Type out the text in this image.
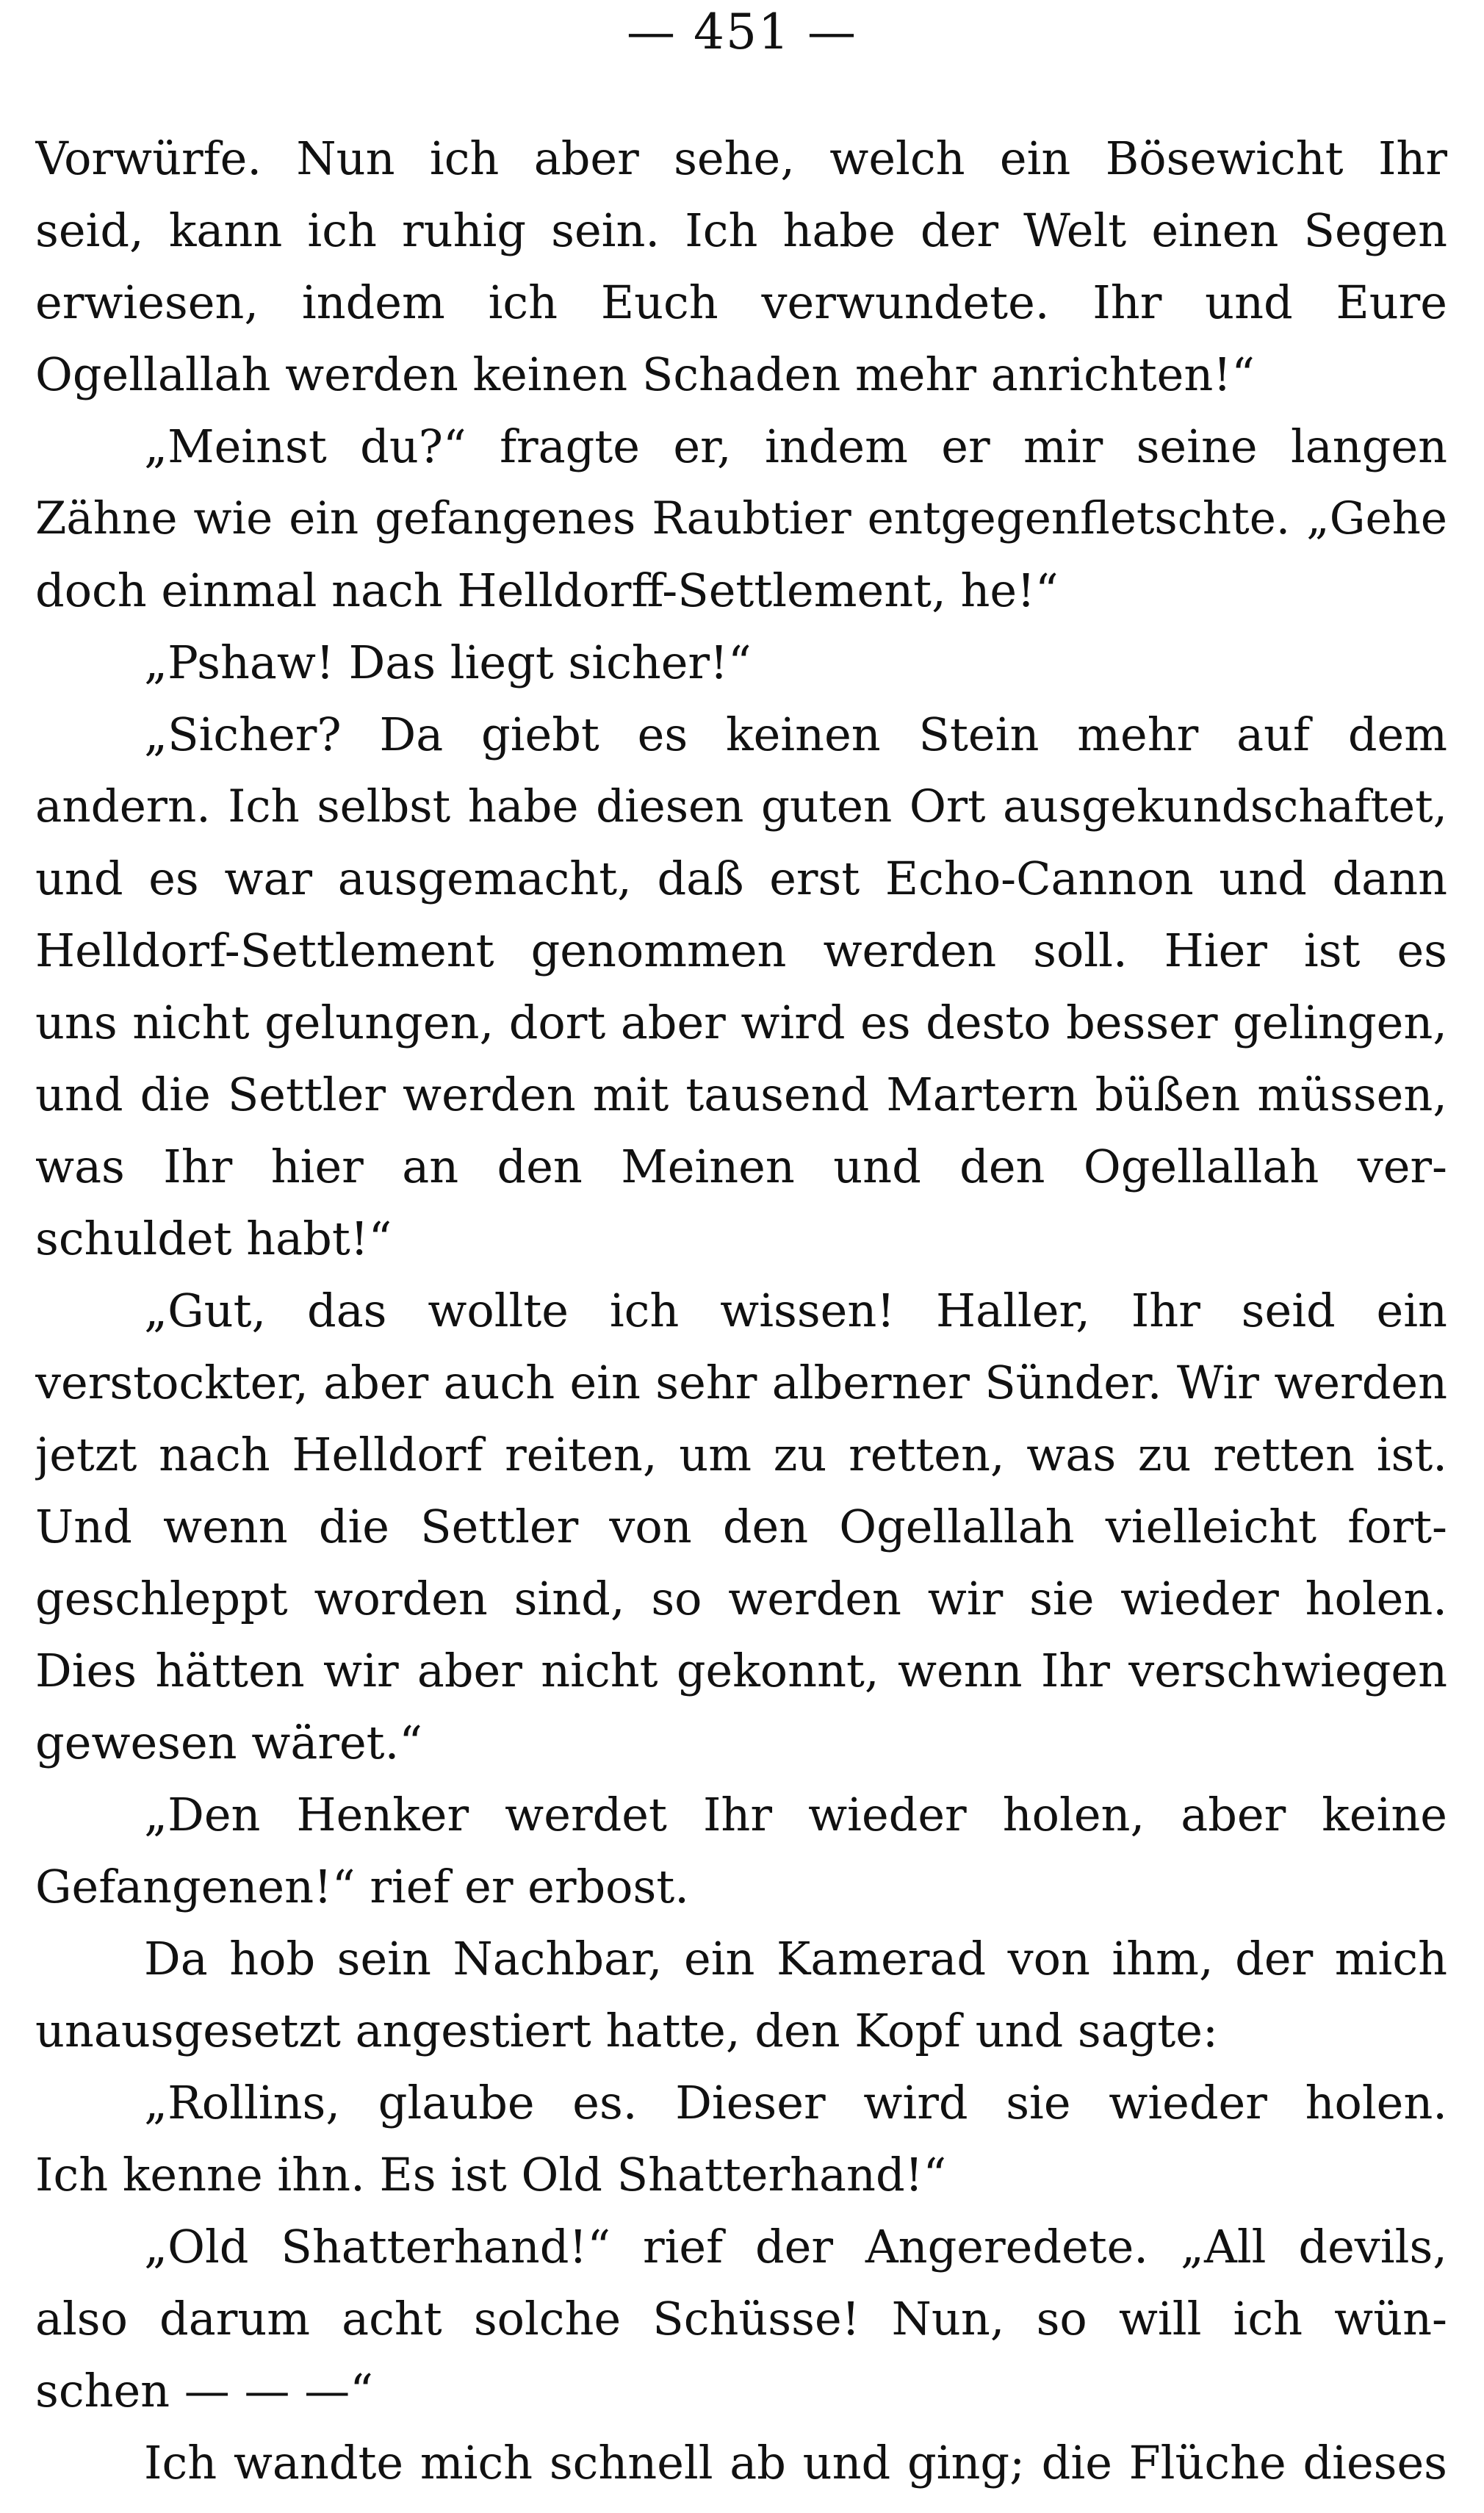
— 451 —
Vorwürfe. Nun ich aber sehe, welch ein Bösewicht Ihr
seid, kann ich ruhig sein. Ich habe der Welt einen Segen
erwiesen, indem ich Euch verwundete. Ihr und Eure
Ogellallah werden keinen Schaden mehr anrichten!“
„Meinst du?“ fragte er, indem er mir seine langen
Zähne wie ein gefangenes Raubtier entgegenfletschte. „Gehe
doch einmal nach Helldorff-Settlement, he!“
„Pshaw! Das liegt sicher!“
„Sicher? Da giebt es keinen Stein mehr auf dem
andern. Ich selbst habe diesen guten Ort ausgekundschaftet,
und es war ausgemacht, daß erst Echo-Cannon und dann
Helldorf-Settlement genommen werden soll. Hier ist es
uns nicht gelungen, dort aber wird es desto besser gelingen,
und die Settler werden mit tausend Martern büßen müssen,
was Ihr hier an den Meinen und den Ogellallah ver-
schuldet habt!“
„Gut, das wollte ich wissen! Haller, Ihr seid ein
verstockter, aber auch ein sehr alberner Sünder. Wir werden
jetzt nach Helldorf reiten, um zu retten, was zu retten ist.
Und wenn die Settler von den Ogellallah vielleicht fort-
geschleppt worden sind, so werden wir sie wieder holen.
Dies hätten wir aber nicht gekonnt, wenn Ihr verschwiegen
gewesen wäret.“
„Den Henker werdet Ihr wieder holen, aber keine
Gefangenen!“ rief er erbost.
Da hob sein Nachbar, ein Kamerad von ihm, der mich
unausgesetzt angestiert hatte, den Kopf und sagte:
„Rollins, glaube es. Dieser wird sie wieder holen.
Ich kenne ihn. Es ist Old Shatterhand!“
„Old Shatterhand!“ rief der Angeredete. „All devils,
also darum acht solche Schüsse! Nun, so will ich wün-
schen — — —“
Ich wandte mich schnell ab und ging; die Flüche dieses
